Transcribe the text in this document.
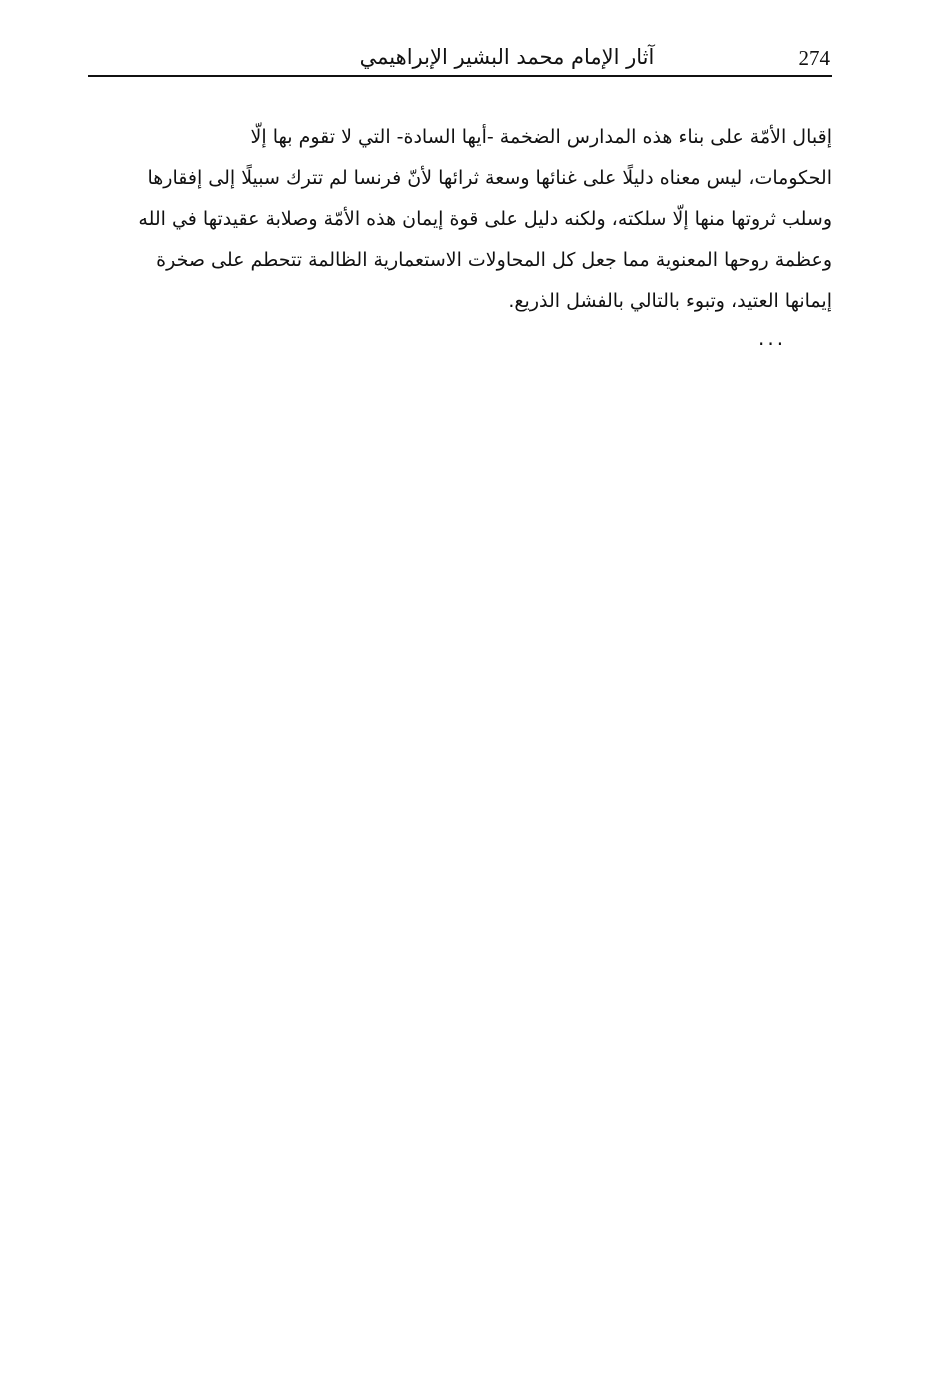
آثار الإمام محمد البشير الإبراهيمي	274
إقبال الأمّة على بناء هذه المدارس الضخمة -أيها السادة- التي لا تقوم بها إلّا
الحكومات، ليس معناه دليلًا على غنائها وسعة ثرائها لأنّ فرنسا لم تترك سبيلًا إلى إفقارها
وسلب ثروتها منها إلّا سلكته، ولكنه دليل على قوة إيمان هذه الأمّة وصلابة عقيدتها في الله
وعظمة روحها المعنوية مما جعل كل المحاولات الاستعمارية الظالمة تتحطم على صخرة
إيمانها العتيد، وتبوء بالتالي بالفشل الذريع.
...
